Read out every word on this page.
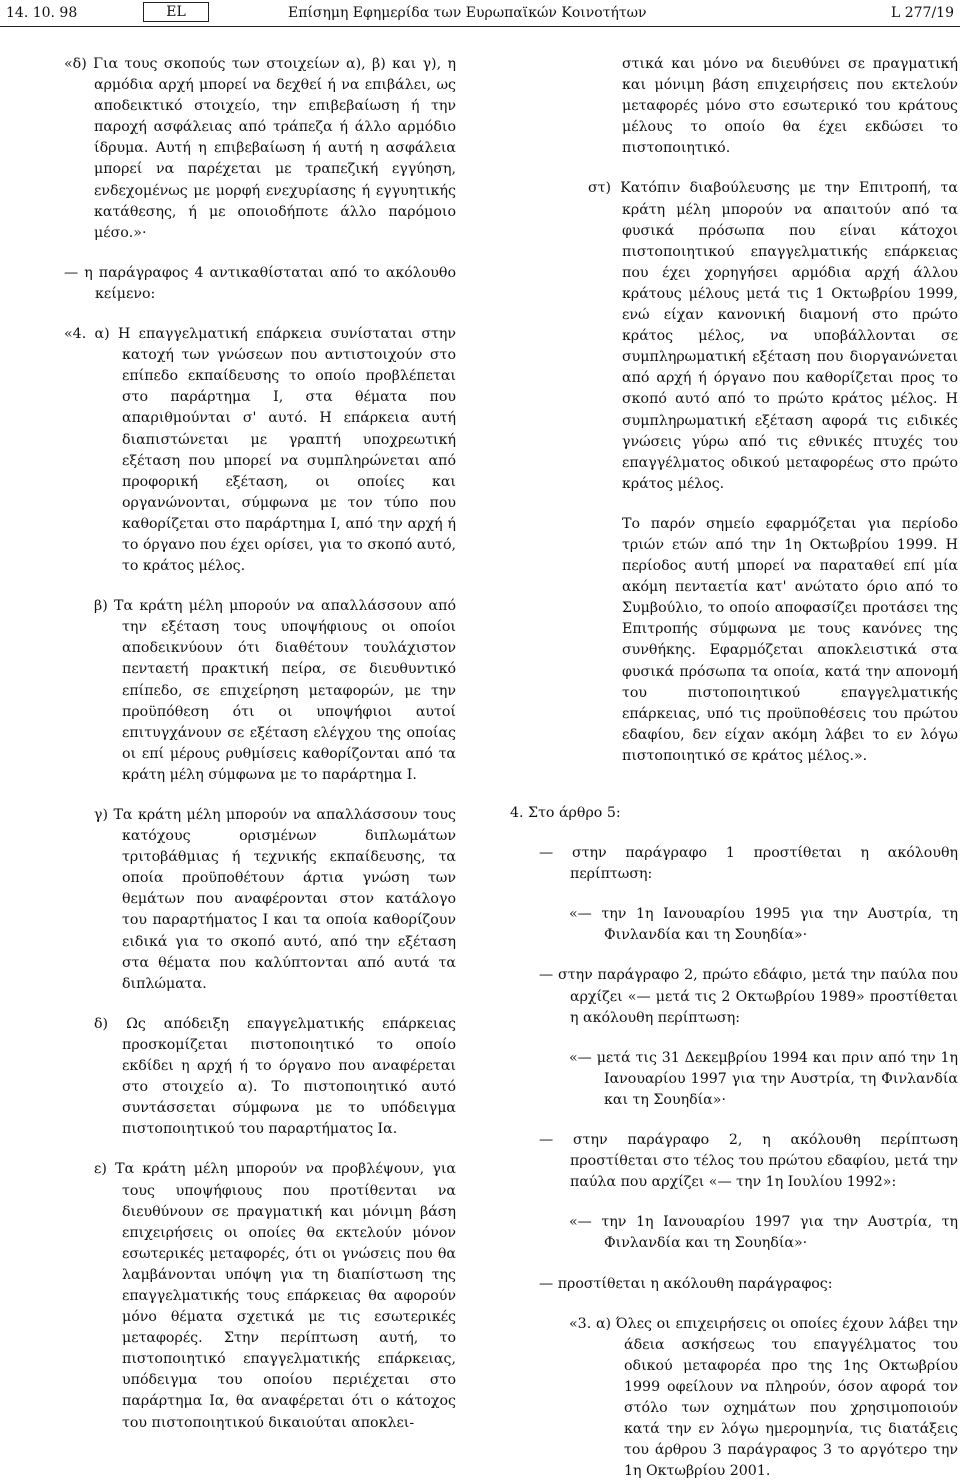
14. 10. 98	EL	Επίσημη Εφημερίδα των Ευρωπαϊκών Κοινοτήτων	L 277/19

«δ) Για τους σκοπούς των στοιχείων α), β) και γ), η αρμόδια αρχή μπορεί να δεχθεί ή να επιβάλει, ως αποδεικτικό στοιχείο, την επιβεβαίωση ή την παροχή ασφάλειας από τράπεζα ή άλλο αρμόδιο ίδρυμα. Αυτή η επιβεβαίωση ή αυτή η ασφάλεια μπορεί να παρέχεται με τραπεζική εγγύηση, ενδεχομένως με μορφή ενεχυρίασης ή εγγυητικής κατάθεσης, ή με οποιοδήποτε άλλο παρόμοιο μέσο.»·

— η παράγραφος 4 αντικαθίσταται από το ακόλουθο κείμενο:

«4. α) Η επαγγελματική επάρκεια συνίσταται στην κατοχή των γνώσεων που αντιστοιχούν στο επίπεδο εκπαίδευσης το οποίο προβλέπεται στο παράρτημα Ι, στα θέματα που απαριθμούνται σ' αυτό. Η επάρκεια αυτή διαπιστώνεται με γραπτή υποχρεωτική εξέταση που μπορεί να συμπληρώνεται από προφορική εξέταση, οι οποίες και οργανώνονται, σύμφωνα με τον τύπο που καθορίζεται στο παράρτημα Ι, από την αρχή ή το όργανο που έχει ορίσει, για το σκοπό αυτό, το κράτος μέλος.

β) Τα κράτη μέλη μπορούν να απαλλάσσουν από την εξέταση τους υποψήφιους οι οποίοι αποδεικνύουν ότι διαθέτουν τουλάχιστον πενταετή πρακτική πείρα, σε διευθυντικό επίπεδο, σε επιχείρηση μεταφορών, με την προϋπόθεση ότι οι υποψήφιοι αυτοί επιτυγχάνουν σε εξέταση ελέγχου της οποίας οι επί μέρους ρυθμίσεις καθορίζονται από τα κράτη μέλη σύμφωνα με το παράρτημα Ι.

γ) Τα κράτη μέλη μπορούν να απαλλάσσουν τους κατόχους ορισμένων διπλωμάτων τριτοβάθμιας ή τεχνικής εκπαίδευσης, τα οποία προϋποθέτουν άρτια γνώση των θεμάτων που αναφέρονται στον κατάλογο του παραρτήματος Ι και τα οποία καθορίζουν ειδικά για το σκοπό αυτό, από την εξέταση στα θέματα που καλύπτονται από αυτά τα διπλώματα.

δ) Ως απόδειξη επαγγελματικής επάρκειας προσκομίζεται πιστοποιητικό το οποίο εκδίδει η αρχή ή το όργανο που αναφέρεται στο στοιχείο α). Το πιστοποιητικό αυτό συντάσσεται σύμφωνα με το υπόδειγμα πιστοποιητικού του παραρτήματος Ια.

ε) Τα κράτη μέλη μπορούν να προβλέψουν, για τους υποψήφιους που προτίθενται να διευθύνουν σε πραγματική και μόνιμη βάση επιχειρήσεις οι οποίες θα εκτελούν μόνον εσωτερικές μεταφορές, ότι οι γνώσεις που θα λαμβάνονται υπόψη για τη διαπίστωση της επαγγελματικής τους επάρκειας θα αφορούν μόνο θέματα σχετικά με τις εσωτερικές μεταφορές. Στην περίπτωση αυτή, το πιστοποιητικό επαγγελματικής επάρκειας, υπόδειγμα του οποίου περιέχεται στο παράρτημα Ια, θα αναφέρεται ότι ο κάτοχος του πιστοποιητικού δικαιούται αποκλει-

στικά και μόνο να διευθύνει σε πραγματική και μόνιμη βάση επιχειρήσεις που εκτελούν μεταφορές μόνο στο εσωτερικό του κράτους μέλους το οποίο θα έχει εκδώσει το πιστοποιητικό.

στ) Κατόπιν διαβούλευσης με την Επιτροπή, τα κράτη μέλη μπορούν να απαιτούν από τα φυσικά πρόσωπα που είναι κάτοχοι πιστοποιητικού επαγγελματικής επάρκειας που έχει χορηγήσει αρμόδια αρχή άλλου κράτους μέλους μετά τις 1 Οκτωβρίου 1999, ενώ είχαν κανονική διαμονή στο πρώτο κράτος μέλος, να υποβάλλονται σε συμπληρωματική εξέταση που διοργανώνεται από αρχή ή όργανο που καθορίζεται προς το σκοπό αυτό από το πρώτο κράτος μέλος. Η συμπληρωματική εξέταση αφορά τις ειδικές γνώσεις γύρω από τις εθνικές πτυχές του επαγγέλματος οδικού μεταφορέως στο πρώτο κράτος μέλος.

Το παρόν σημείο εφαρμόζεται για περίοδο τριών ετών από την 1η Οκτωβρίου 1999. Η περίοδος αυτή μπορεί να παραταθεί επί μία ακόμη πενταετία κατ' ανώτατο όριο από το Συμβούλιο, το οποίο αποφασίζει προτάσει της Επιτροπής σύμφωνα με τους κανόνες της συνθήκης. Εφαρμόζεται αποκλειστικά στα φυσικά πρόσωπα τα οποία, κατά την απονομή του πιστοποιητικού επαγγελματικής επάρκειας, υπό τις προϋποθέσεις του πρώτου εδαφίου, δεν είχαν ακόμη λάβει το εν λόγω πιστοποιητικό σε κράτος μέλος.».

4. Στο άρθρο 5:

— στην παράγραφο 1 προστίθεται η ακόλουθη περίπτωση:

«— την 1η Ιανουαρίου 1995 για την Αυστρία, τη Φινλανδία και τη Σουηδία»·

— στην παράγραφο 2, πρώτο εδάφιο, μετά την παύλα που αρχίζει «— μετά τις 2 Οκτωβρίου 1989» προστίθεται η ακόλουθη περίπτωση:

«— μετά τις 31 Δεκεμβρίου 1994 και πριν από την 1η Ιανουαρίου 1997 για την Αυστρία, τη Φινλανδία και τη Σουηδία»·

— στην παράγραφο 2, η ακόλουθη περίπτωση προστίθεται στο τέλος του πρώτου εδαφίου, μετά την παύλα που αρχίζει «— την 1η Ιουλίου 1992»:

«— την 1η Ιανουαρίου 1997 για την Αυστρία, τη Φινλανδία και τη Σουηδία»·

— προστίθεται η ακόλουθη παράγραφος:

«3. α) Όλες οι επιχειρήσεις οι οποίες έχουν λάβει την άδεια ασκήσεως του επαγγέλματος του οδικού μεταφορέα προ της 1ης Οκτωβρίου 1999 οφείλουν να πληρούν, όσον αφορά τον στόλο των οχημάτων που χρησιμοποιούν κατά την εν λόγω ημερομηνία, τις διατάξεις του άρθρου 3 παράγραφος 3 το αργότερο την 1η Οκτωβρίου 2001.
